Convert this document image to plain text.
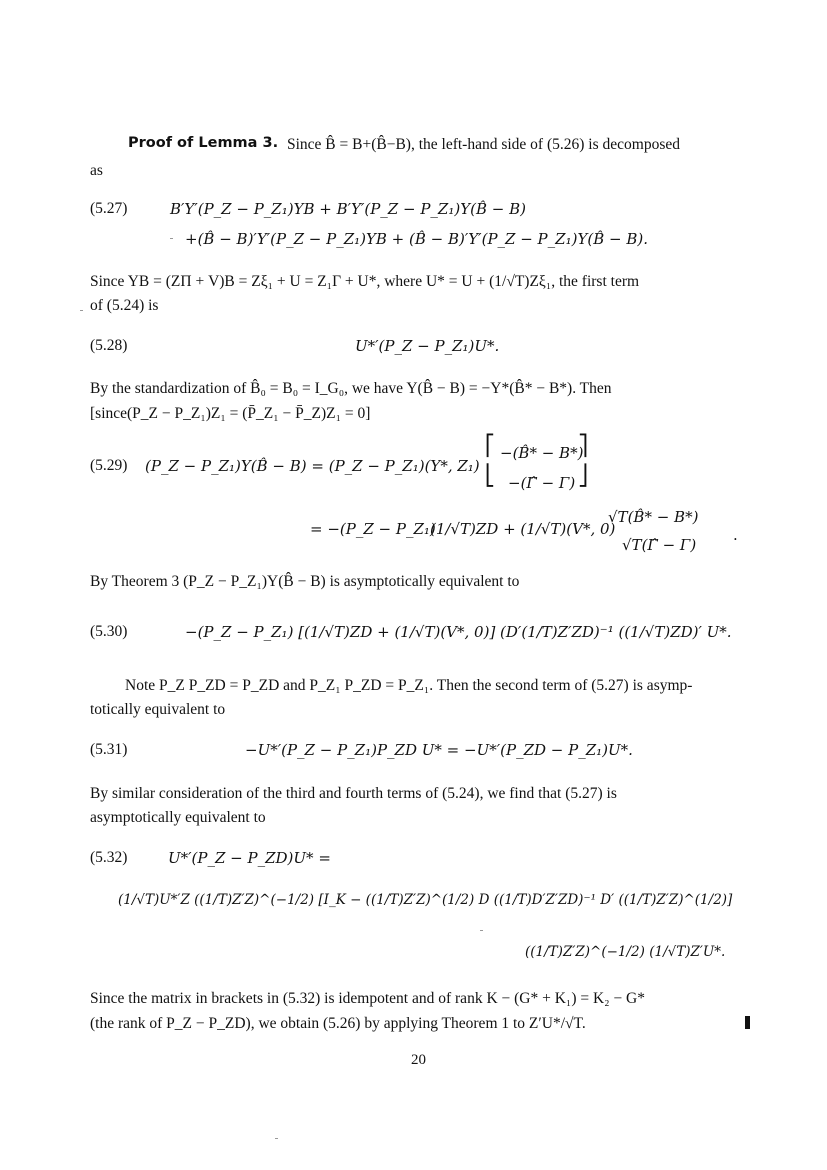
Proof of Lemma 3. Since B̂ = B+(B̂−B), the left-hand side of (5.26) is decomposed
as
(5.27)	B′Y′(P_Z − P_Z₁)YB + B′Y′(P_Z − P_Z₁)Y(B̂ − B)
+(B̂ − B)′Y′(P_Z − P_Z₁)YB + (B̂ − B)′Y′(P_Z − P_Z₁)Y(B̂ − B).
Since YB = (ZΠ + V)B = Zξ₁ + U = Z₁Γ + U*, where U* = U + (1/√T)Zξ₁, the first term
of (5.24) is
(5.28)	U*′(P_Z − P_Z₁)U*.
By the standardization of B̂₀ = B₀ = I_G₀, we have Y(B̂ − B) = −Y*(B̂* − B*). Then
[since(P_Z − P_Z₁)Z₁ = (P̄_Z₁ − P̄_Z)Z₁ = 0]
(5.29) (P_Z − P_Z₁)Y(B̂ − B) = (P_Z − P_Z₁)(Y*, Z₁)
⎡
⎣
−(B̂* − B*)
−(Γ̂ − Γ)
⎤
⎦
= −(P_Z − P_Z₁)
(1/√T)ZD + (1/√T)(V*, 0)
√T(B̂* − B*)
√T(Γ̂ − Γ)
.
By Theorem 3 (P_Z − P_Z₁)Y(B̂ − B) is asymptotically equivalent to
(5.30)	−(P_Z − P_Z₁) [(1/√T)ZD + (1/√T)(V*, 0)] (D′(1/T)Z′ZD)⁻¹ ((1/√T)ZD)′ U*.
Note P_Z P_ZD = P_ZD and P_Z₁ P_ZD = P_Z₁. Then the second term of (5.27) is asymp-
totically equivalent to
(5.31)	−U*′(P_Z − P_Z₁)P_ZD U* = −U*′(P_ZD − P_Z₁)U*.
By similar consideration of the third and fourth terms of (5.24), we find that (5.27) is
asymptotically equivalent to
(5.32)	U*′(P_Z − P_ZD)U* =
(1/√T)U*′Z ((1/T)Z′Z)^(−1/2) [I_K − ((1/T)Z′Z)^(1/2) D ((1/T)D′Z′ZD)⁻¹ D′ ((1/T)Z′Z)^(1/2)]
((1/T)Z′Z)^(−1/2) (1/√T)Z′U*.
Since the matrix in brackets in (5.32) is idempotent and of rank K − (G* + K₁) = K₂ − G*
(the rank of P_Z − P_ZD), we obtain (5.26) by applying Theorem 1 to Z′U*/√T.
20
